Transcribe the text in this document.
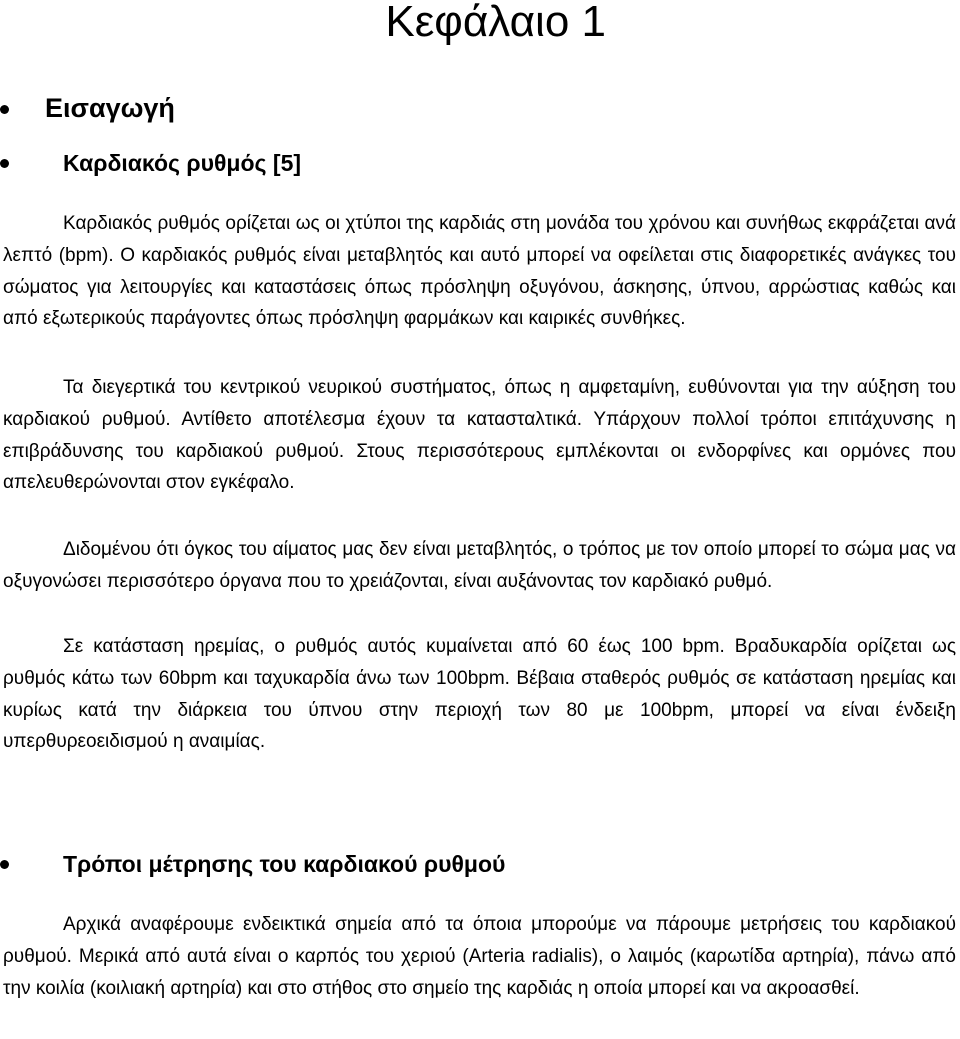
Κεφάλαιο 1
Εισαγωγή
Καρδιακός ρυθμός [5]

Καρδιακός ρυθμός ορίζεται ως οι χτύποι της καρδιάς στη μονάδα του χρόνου και συνήθως εκφράζεται ανά λεπτό (bpm). Ο καρδιακός ρυθμός είναι μεταβλητός και αυτό μπορεί να οφείλεται στις διαφορετικές ανάγκες του σώματος για λειτουργίες και καταστάσεις όπως πρόσληψη οξυγόνου, άσκησης, ύπνου, αρρώστιας καθώς και από εξωτερικούς παράγοντες όπως πρόσληψη φαρμάκων και καιρικές συνθήκες.

Τα διεγερτικά του κεντρικού νευρικού συστήματος, όπως η αμφεταμίνη, ευθύνονται για την αύξηση του καρδιακού ρυθμού. Αντίθετο αποτέλεσμα έχουν τα κατασταλτικά. Υπάρχουν πολλοί τρόποι επιτάχυνσης η επιβράδυνσης του καρδιακού ρυθμού. Στους περισσότερους εμπλέκονται οι ενδορφίνες και ορμόνες που απελευθερώνονται στον εγκέφαλο.

Διδομένου ότι όγκος του αίματος μας δεν είναι μεταβλητός, ο τρόπος με τον οποίο μπορεί το σώμα μας να οξυγονώσει περισσότερο όργανα που το χρειάζονται, είναι αυξάνοντας τον καρδιακό ρυθμό.

Σε κατάσταση ηρεμίας, ο ρυθμός αυτός κυμαίνεται από 60 έως 100 bpm. Βραδυκαρδία ορίζεται ως ρυθμός κάτω των 60bpm και ταχυκαρδία άνω των 100bpm. Βέβαια σταθερός ρυθμός σε κατάσταση ηρεμίας και κυρίως κατά την διάρκεια του ύπνου στην περιοχή των 80 με 100bpm, μπορεί να είναι ένδειξη υπερθυρεοειδισμού η αναιμίας.

Τρόποι μέτρησης του καρδιακού ρυθμού

Αρχικά αναφέρουμε ενδεικτικά σημεία από τα όποια μπορούμε να πάρουμε μετρήσεις του καρδιακού ρυθμού. Μερικά από αυτά είναι ο καρπός του χεριού (Arteria radialis), ο λαιμός (καρωτίδα αρτηρία), πάνω από την κοιλία (κοιλιακή αρτηρία) και στο στήθος στο σημείο της καρδιάς η οποία μπορεί και να ακροασθεί.
